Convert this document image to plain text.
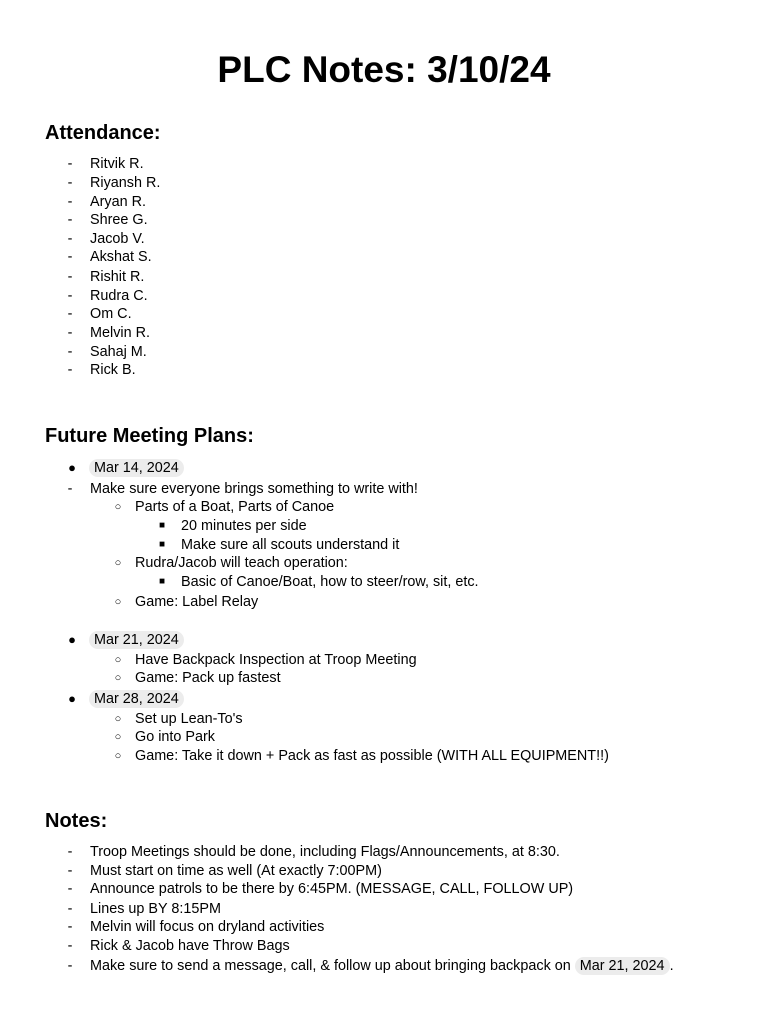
PLC Notes: 3/10/24
Attendance:
-	Ritvik R.
-	Riyansh R.
-	Aryan R.
-	Shree G.
-	Jacob V.
-	Akshat S.
-	Rishit R.
-	Rudra C.
-	Om C.
-	Melvin R.
-	Sahaj M.
-	Rick B.
Future Meeting Plans:
●	Mar 14, 2024
-	Make sure everyone brings something to write with!
○ Parts of a Boat, Parts of Canoe
■	20 minutes per side
■	Make sure all scouts understand it
○ Rudra/Jacob will teach operation:
■	Basic of Canoe/Boat, how to steer/row, sit, etc.
○ Game: Label Relay
●	Mar 21, 2024
○ Have Backpack Inspection at Troop Meeting
○ Game: Pack up fastest
●	Mar 28, 2024
○ Set up Lean-To's
○ Go into Park
○ Game: Take it down + Pack as fast as possible (WITH ALL EQUIPMENT!!)
Notes:
-	Troop Meetings should be done, including Flags/Announcements, at 8:30.
-	Must start on time as well (At exactly 7:00PM)
-	Announce patrols to be there by 6:45PM. (MESSAGE, CALL, FOLLOW UP)
-	Lines up BY 8:15PM
-	Melvin will focus on dryland activities
-	Rick & Jacob have Throw Bags
-	Make sure to send a message, call, & follow up about bringing backpack on Mar 21, 2024 .
